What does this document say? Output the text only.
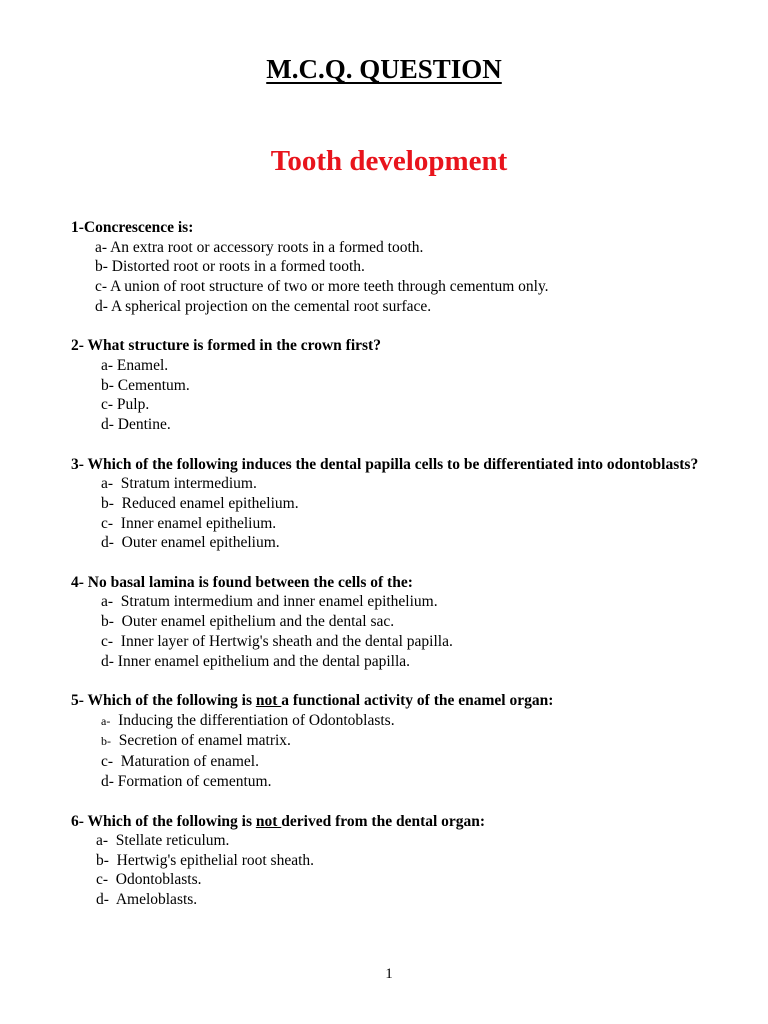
M.C.Q. QUESTION
Tooth development
1-Concrescence is:
a- An extra root or accessory roots in a formed tooth.
b- Distorted root or roots in a formed tooth.
c- A union of root structure of two or more teeth through cementum only.
d- A spherical projection on the cemental root surface.
2- What structure is formed in the crown first?
a- Enamel.
b- Cementum.
c- Pulp.
d- Dentine.
3- Which of the following induces the dental papilla cells to be differentiated into odontoblasts?
a-  Stratum intermedium.
b-  Reduced enamel epithelium.
c-  Inner enamel epithelium.
d-  Outer enamel epithelium.
4- No basal lamina is found between the cells of the:
a-  Stratum intermedium and inner enamel epithelium.
b-  Outer enamel epithelium and the dental sac.
c-  Inner layer of Hertwig's sheath and the dental papilla.
d- Inner enamel epithelium and the dental papilla.
5- Which of the following is not a functional activity of the enamel organ:
a-  Inducing the differentiation of Odontoblasts.
b-  Secretion of enamel matrix.
c-  Maturation of enamel.
d- Formation of cementum.
6- Which of the following is not derived from the dental organ:
a-  Stellate reticulum.
b-  Hertwig's epithelial root sheath.
c-  Odontoblasts.
d-  Ameloblasts.
1
